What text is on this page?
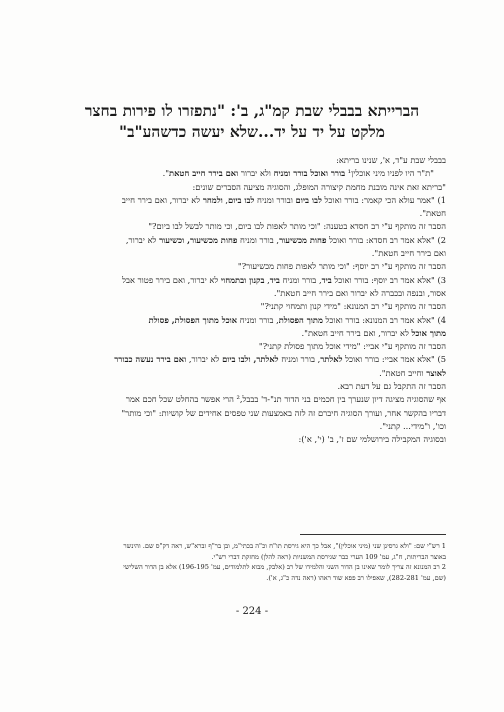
הברייתא בבבלי שבת קמ"ג, ב': "נתפזרו לו פירות בחצר
מלקט על יד על יד...שלא יעשה כדשהע"ב"

בבבלי שבת ע"ד, א', שנינו בריתא:

"ת"ר היו לפניו מיני אוכלין¹ בורר ואוכל בורר ומניח ולא יברור ואם בירר חייב חטאת".

"בריתא זאת אינה מובנת מחמת קיצורה המופלג, והסוגיה מציעה הסברים שונים:

1) "אמר עולא הכי קאמר: בורר ואוכל לבו ביום ובורר ומניח לבו ביום, ולמחר לא יברור, ואם בירר חייב

חטאת".

הסבר זה מותקף ע"י רב חסדא בטענה: "וכי מותר לאפות לבו ביום, וכי מותר לבשל לבו ביום?"

2) "אלא אמר רב חסדא: בורר ואוכל פחות מכשיעור, בורר ומניח פחות מכשיעור, וכשיעור לא יברור,

ואם בירר חייב חטאת".

הסבר זה מותקף ע"י רב יוסף: "וכי מותר לאפות פחות מכשיעור?"

3) "אלא אמר רב יוסף: בורר ואוכל ביד, בורר ומניח ביד, בקנון ובתמחוי לא יברור, ואם בירר פטור אבל

אסור, ובנפה ובכברה לא יברור ואם בירר חייב חטאת".

הסבר זה מותקף ע"י רב המנונא: "מידי קנון ותמחוי קתני?"

4) "אלא אמר רב המנונא: בורר ואוכל מתוך הפסולת, בורר ומניח אוכל מתוך הפסולת, פסולת

מתוך אוכל לא יברור, ואם בירר חייב חטאת".

הסבר זה מותקף ע"י אביי: "מידי אוכל מתוך פסולת קתני?"

5) "אלא אמר אביי: בורר ואוכל לאלתר, בורר ומניח לאלתר, ולבו ביום לא יברור, ואם בירר נעשה כבורר

לאוצר וחייב חטאת".

הסבר זה התקבל גם על דעת רבא.

אף שהסוגיה מציגה דיון שנערך בין חכמים בני הדור תנ"-ד' בבבל,² הרי אפשר בהחלט שכל חכם אמר

דבריו בהקשר אחר, ועורך הסוגיה חיברם זה לזה באמצעות שני טפסים אחידים של קושיות: "וכי מותר"

וכו', ו"מידי... קתני".

ובסוגיה המקבילה בירושלמי שם ז', ב' (י', א'):

1 רש"י שם: "ולא גרסינן שני (מיני אוכלין)", אבל כך היא גירסת תו"ח וכ"ה בכתי"מ, ובן בר"ף וברא"ש, ראה דק"ס שם. והינשר

באוצר הבריתות, ח"ג, עמ' 109 הערי כבר שגירסת המשניות (ראה להלן) מחזקת דברי רש"י.

2 רב המנונא זה צריך לומר שאינו בן הדור השני והלמידו של רב (אלבק, מבוא לתלמודים, עמ' 196-195) אלא בן הדור השלישי

(שם, עמ' 282-281), שאפילו רב פפא שוד ראהו (ראה נדה כ"ג, א').

- 224 -
